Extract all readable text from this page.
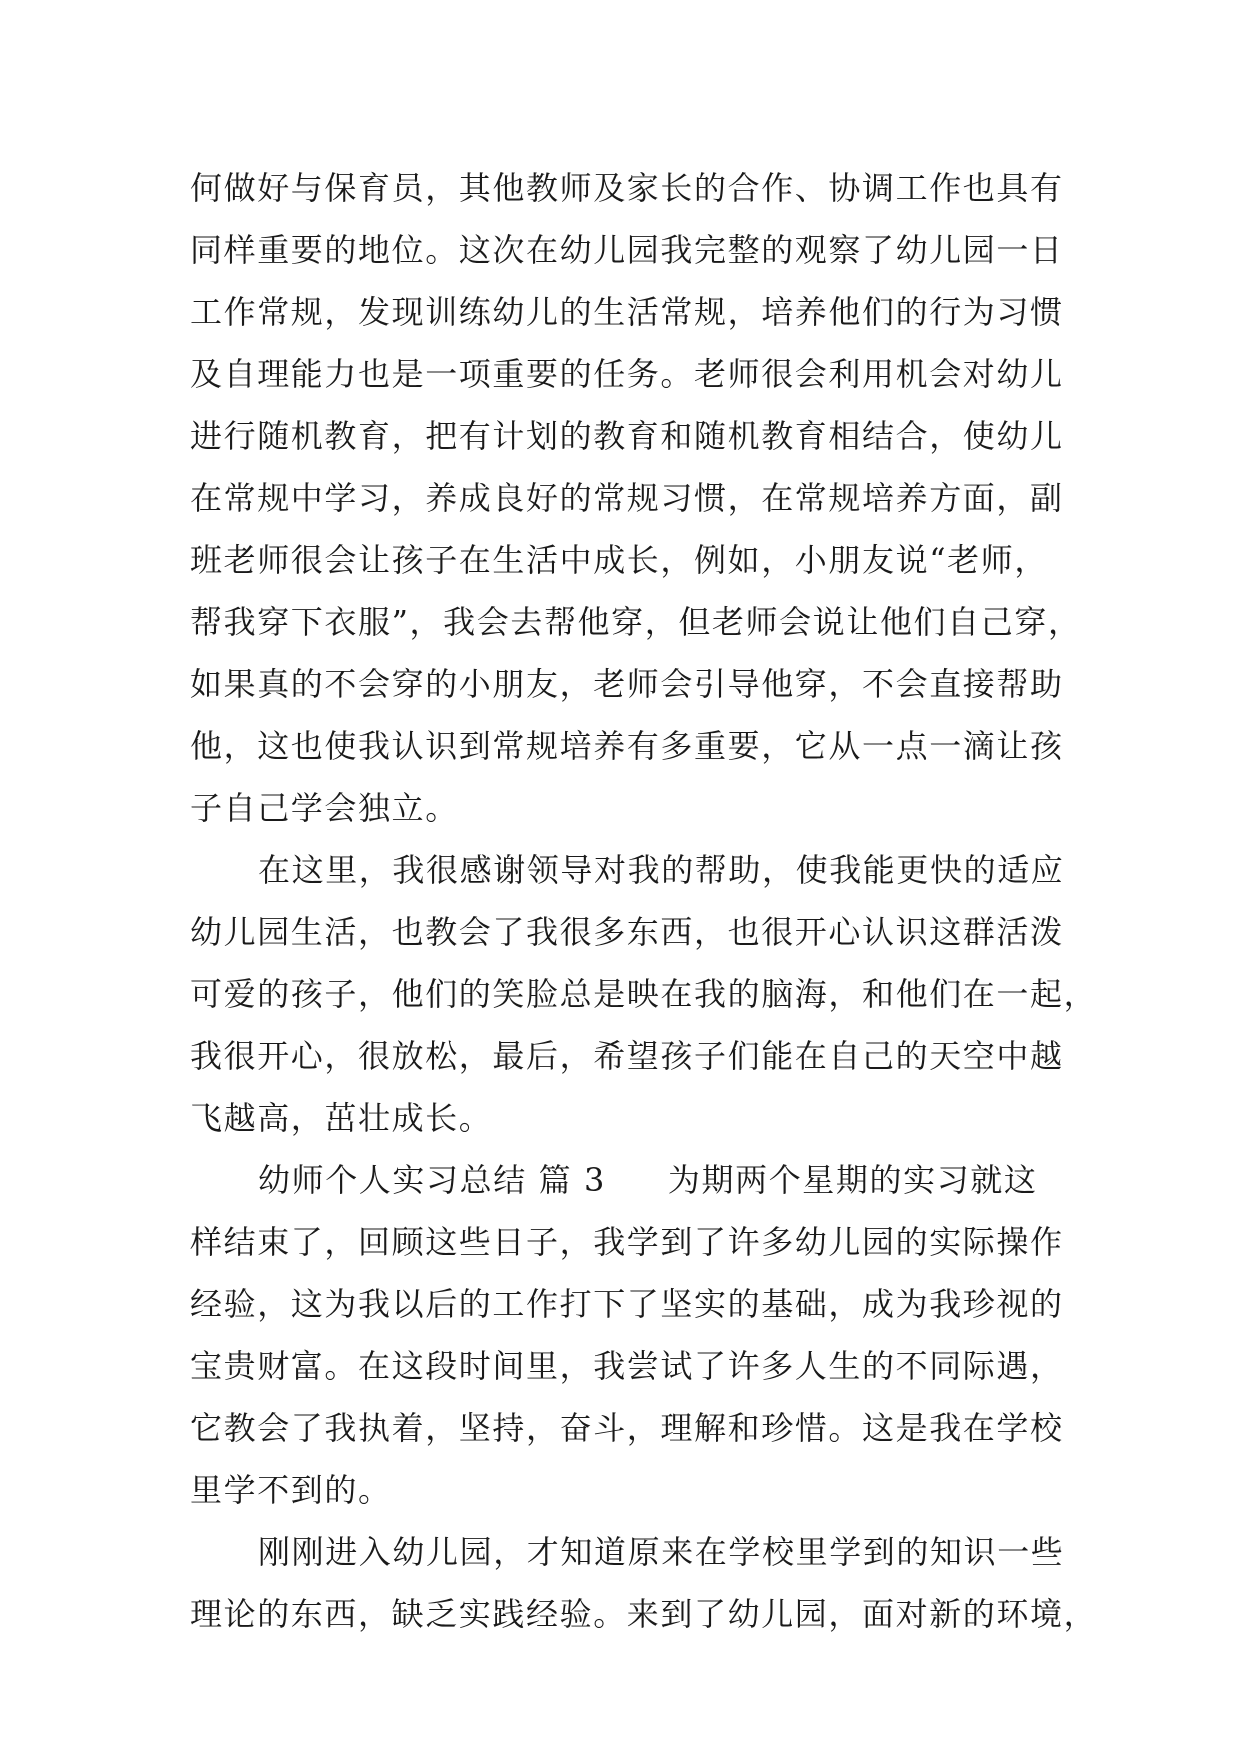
何做好与保育员，其他教师及家长的合作、协调工作也具有
同样重要的地位。这次在幼儿园我完整的观察了幼儿园一日
工作常规，发现训练幼儿的生活常规，培养他们的行为习惯
及自理能力也是一项重要的任务。老师很会利用机会对幼儿
进行随机教育，把有计划的教育和随机教育相结合，使幼儿
在常规中学习，养成良好的常规习惯，在常规培养方面，副
班老师很会让孩子在生活中成长，例如，小朋友说“老师，
帮我穿下衣服”，我会去帮他穿，但老师会说让他们自己穿，
如果真的不会穿的小朋友，老师会引导他穿，不会直接帮助
他，这也使我认识到常规培养有多重要，它从一点一滴让孩
子自己学会独立。
在这里，我很感谢领导对我的帮助，使我能更快的适应
幼儿园生活，也教会了我很多东西，也很开心认识这群活泼
可爱的孩子，他们的笑脸总是映在我的脑海，和他们在一起，
我很开心，很放松，最后，希望孩子们能在自己的天空中越
飞越高，茁壮成长。
幼师个人实习总结 篇 3 为期两个星期的实习就这
样结束了，回顾这些日子，我学到了许多幼儿园的实际操作
经验，这为我以后的工作打下了坚实的基础，成为我珍视的
宝贵财富。在这段时间里，我尝试了许多人生的不同际遇，
它教会了我执着，坚持，奋斗，理解和珍惜。这是我在学校
里学不到的。
刚刚进入幼儿园，才知道原来在学校里学到的知识一些
理论的东西，缺乏实践经验。来到了幼儿园，面对新的环境，
